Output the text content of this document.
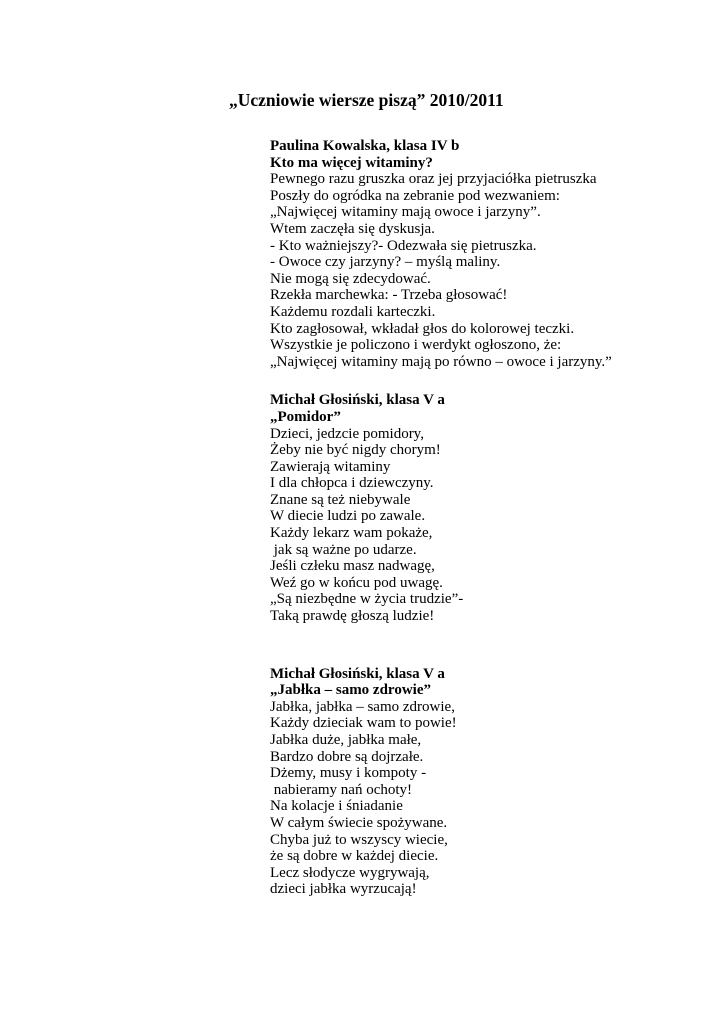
„Uczniowie wiersze piszą” 2010/2011
Paulina Kowalska, klasa IV b
Kto ma więcej witaminy?
Pewnego razu gruszka oraz jej przyjaciółka pietruszka
Poszły do ogródka na zebranie pod wezwaniem:
„Najwięcej witaminy mają owoce i jarzyny”.
Wtem zaczęła się dyskusja.
- Kto ważniejszy?- Odezwała się pietruszka.
- Owoce czy jarzyny? – myślą maliny.
Nie mogą się zdecydować.
Rzekła marchewka: - Trzeba głosować!
Każdemu rozdali karteczki.
Kto zagłosował, wkładał głos do kolorowej teczki.
Wszystkie je policzono i werdykt ogłoszono, że:
„Najwięcej witaminy mają po równo – owoce i jarzyny.”
Michał Głosiński, klasa V a
„Pomidor”
Dzieci, jedzcie pomidory,
Żeby nie być nigdy chorym!
Zawierają witaminy
I dla chłopca i dziewczyny.
Znane są też niebywale
W diecie ludzi po zawale.
Każdy lekarz wam pokaże,
jak są ważne po udarze.
Jeśli człeku masz nadwagę,
Weź go w końcu pod uwagę.
„Są niezbędne w życia trudzie”-
Taką prawdę głoszą ludzie!
Michał Głosiński, klasa V a
„Jabłka – samo zdrowie”
Jabłka, jabłka – samo zdrowie,
Każdy dzieciak wam to powie!
Jabłka duże, jabłka małe,
Bardzo dobre są dojrzałe.
Dżemy, musy i kompoty -
nabieramy nań ochoty!
Na kolacje i śniadanie
W całym świecie spożywane.
Chyba już to wszyscy wiecie,
że są dobre w każdej diecie.
Lecz słodycze wygrywają,
dzieci jabłka wyrzucają!
